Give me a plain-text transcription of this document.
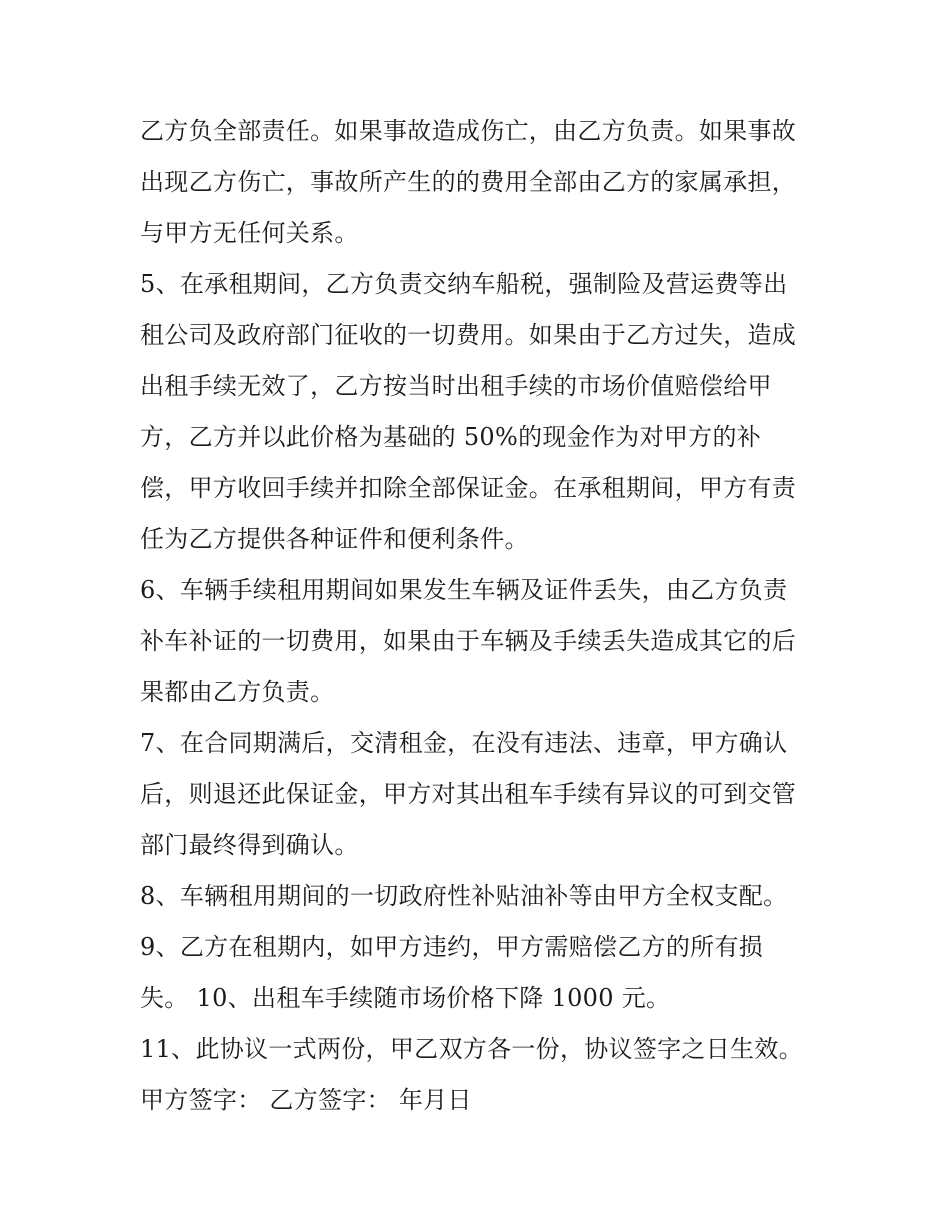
乙方负全部责任。如果事故造成伤亡，由乙方负责。如果事故
出现乙方伤亡，事故所产生的的费用全部由乙方的家属承担，
与甲方无任何关系。
5、在承租期间，乙方负责交纳车船税，强制险及营运费等出
租公司及政府部门征收的一切费用。如果由于乙方过失，造成
出租手续无效了，乙方按当时出租手续的市场价值赔偿给甲
方，乙方并以此价格为基础的 50%的现金作为对甲方的补
偿，甲方收回手续并扣除全部保证金。在承租期间，甲方有责
任为乙方提供各种证件和便利条件。
6、车辆手续租用期间如果发生车辆及证件丢失，由乙方负责
补车补证的一切费用，如果由于车辆及手续丢失造成其它的后
果都由乙方负责。
7、在合同期满后，交清租金，在没有违法、违章，甲方确认
后，则退还此保证金，甲方对其出租车手续有异议的可到交管
部门最终得到确认。
8、车辆租用期间的一切政府性补贴油补等由甲方全权支配。
9、乙方在租期内，如甲方违约，甲方需赔偿乙方的所有损
失。 10、出租车手续随市场价格下降 1000 元。
11、此协议一式两份，甲乙双方各一份，协议签字之日生效。
甲方签字： 乙方签字： 年月日
